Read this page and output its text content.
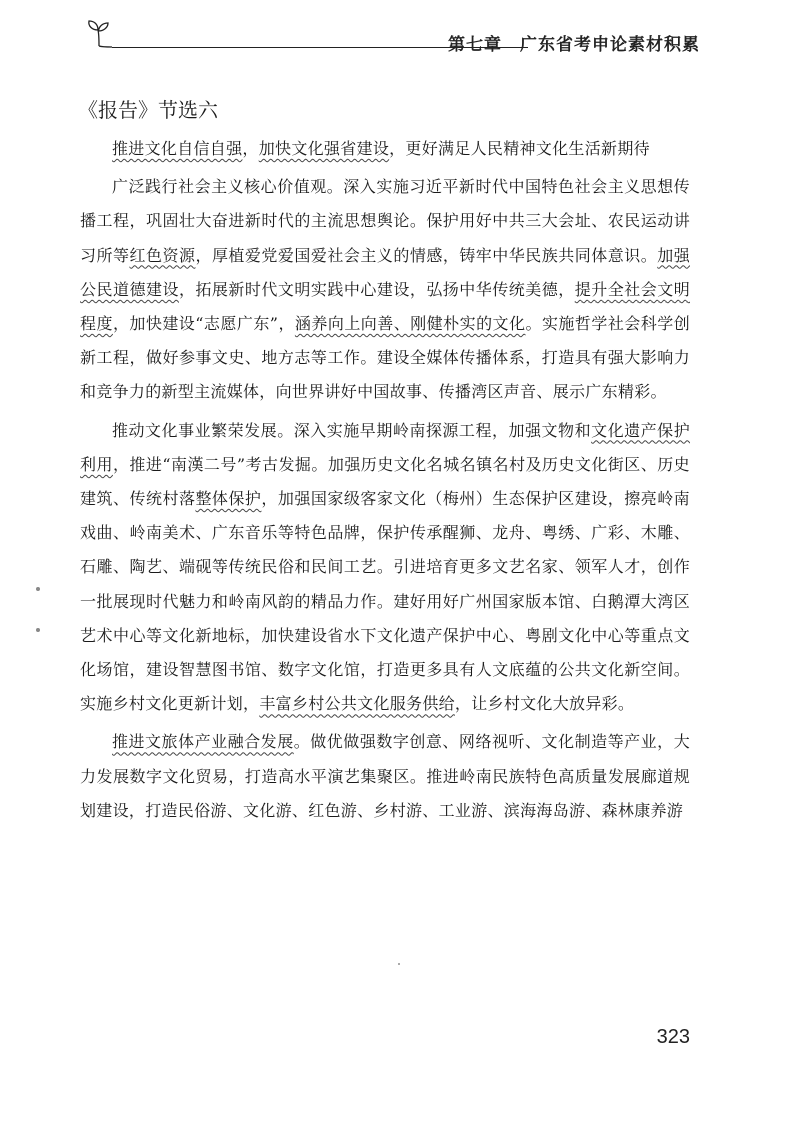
第七章　广东省考申论素材积累
《报告》节选六

推进文化自信自强，加快文化强省建设，更好满足人民精神文化生活新期待

广泛践行社会主义核心价值观。深入实施习近平新时代中国特色社会主义思想传播工程，巩固壮大奋进新时代的主流思想舆论。保护用好中共三大会址、农民运动讲习所等红色资源，厚植爱党爱国爱社会主义的情感，铸牢中华民族共同体意识。加强公民道德建设，拓展新时代文明实践中心建设，弘扬中华传统美德，提升全社会文明程度，加快建设“志愿广东”，涵养向上向善、刚健朴实的文化。实施哲学社会科学创新工程，做好参事文史、地方志等工作。建设全媒体传播体系，打造具有强大影响力和竞争力的新型主流媒体，向世界讲好中国故事、传播湾区声音、展示广东精彩。

推动文化事业繁荣发展。深入实施早期岭南探源工程，加强文物和文化遗产保护利用，推进“南漢二号”考古发掘。加强历史文化名城名镇名村及历史文化街区、历史建筑、传统村落整体保护，加强国家级客家文化（梅州）生态保护区建设，擦亮岭南戏曲、岭南美术、广东音乐等特色品牌，保护传承醒狮、龙舟、粤绣、广彩、木雕、石雕、陶艺、端砚等传统民俗和民间工艺。引进培育更多文艺名家、领军人才，创作一批展现时代魅力和岭南风韵的精品力作。建好用好广州国家版本馆、白鹅潭大湾区艺术中心等文化新地标，加快建设省水下文化遗产保护中心、粤剧文化中心等重点文化场馆，建设智慧图书馆、数字文化馆，打造更多具有人文底蕴的公共文化新空间。实施乡村文化更新计划，丰富乡村公共文化服务供给，让乡村文化大放异彩。

推进文旅体产业融合发展。做优做强数字创意、网络视听、文化制造等产业，大力发展数字文化贸易，打造高水平演艺集聚区。推进岭南民族特色高质量发展廊道规划建设，打造民俗游、文化游、红色游、乡村游、工业游、滨海海岛游、森林康养游

323
